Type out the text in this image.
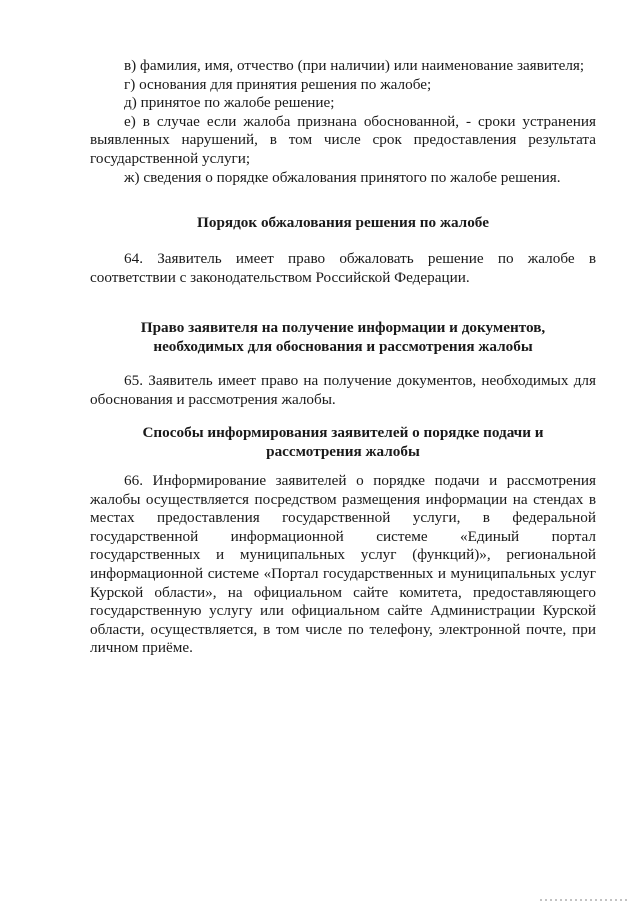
в) фамилия, имя, отчество (при наличии) или наименование заявителя;
г) основания для принятия решения по жалобе;
д) принятое по жалобе решение;
е) в случае если жалоба признана обоснованной, - сроки устранения
выявленных нарушений, в том числе срок предоставления результата
государственной услуги;
ж) сведения о порядке обжалования принятого по жалобе решения.
Порядок обжалования решения по жалобе
64. Заявитель имеет право обжаловать решение по жалобе в
соответствии с законодательством Российской Федерации.
Право заявителя на получение информации и документов,
необходимых для обоснования и рассмотрения жалобы
65. Заявитель имеет право на получение документов, необходимых для
обоснования и рассмотрения жалобы.
Способы информирования заявителей о порядке подачи и
рассмотрения жалобы
66. Информирование заявителей о порядке подачи и рассмотрения
жалобы осуществляется посредством размещения информации на стендах в
местах предоставления государственной услуги, в федеральной
государственной информационной системе «Единый портал
государственных и муниципальных услуг (функций)», региональной
информационной системе «Портал государственных и муниципальных услуг
Курской области», на официальном сайте комитета, предоставляющего
государственную услугу или официальном сайте Администрации Курской
области, осуществляется, в том числе по телефону, электронной почте, при
личном приёме.
